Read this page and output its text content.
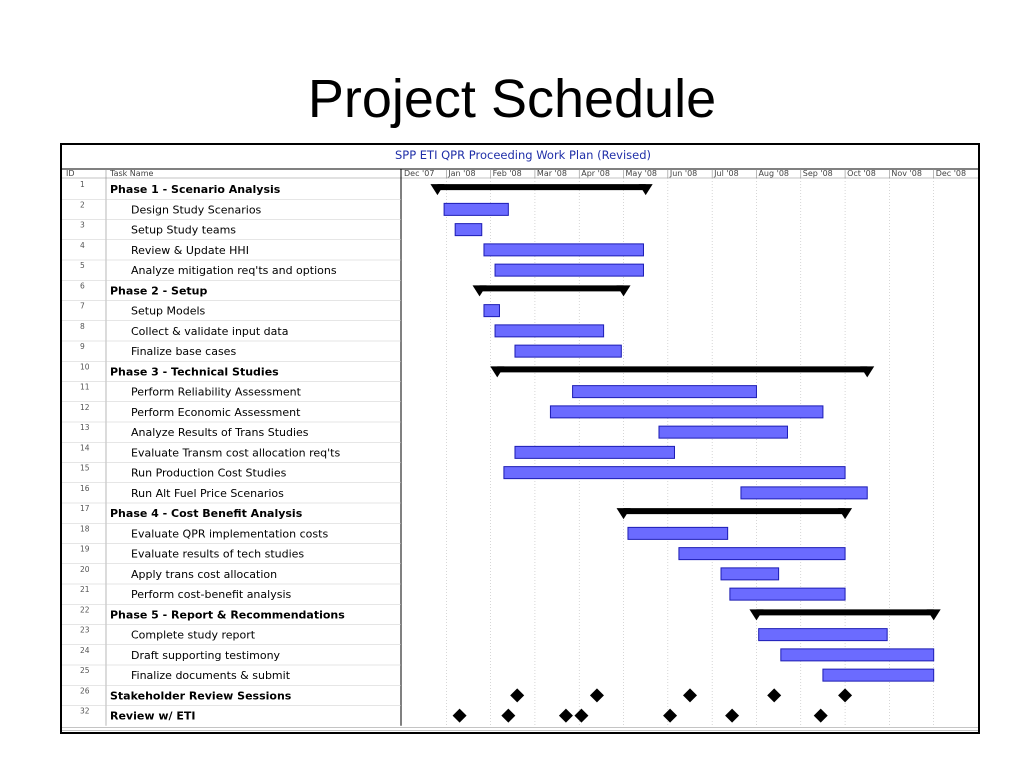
Project Schedule
SPP ETI QPR Proceeding Work Plan (Revised)
ID	Task Name	Dec '07 Jan '08 Feb '08 Mar '08 Apr '08 May '08 Jun '08 Jul '08 Aug '08 Sep '08 Oct '08 Nov '08 Dec '08
1 Phase 1 - Scenario Analysis
2	Design Study Scenarios
3	Setup Study teams
4	Review & Update HHI
5	Analyze mitigation req'ts and options
6 Phase 2 - Setup
7	Setup Models
8	Collect & validate input data
9	Finalize base cases
10 Phase 3 - Technical Studies
11	Perform Reliability Assessment
12	Perform Economic Assessment
13	Analyze Results of Trans Studies
14	Evaluate Transm cost allocation req'ts
15	Run Production Cost Studies
16	Run Alt Fuel Price Scenarios
17 Phase 4 - Cost Benefit Analysis
18	Evaluate QPR implementation costs
19	Evaluate results of tech studies
20	Apply trans cost allocation
21	Perform cost-benefit analysis
22 Phase 5 - Report & Recommendations
23	Complete study report
24	Draft supporting testimony
25	Finalize documents & submit
26 Stakeholder Review Sessions
32 Review w/ ETI
